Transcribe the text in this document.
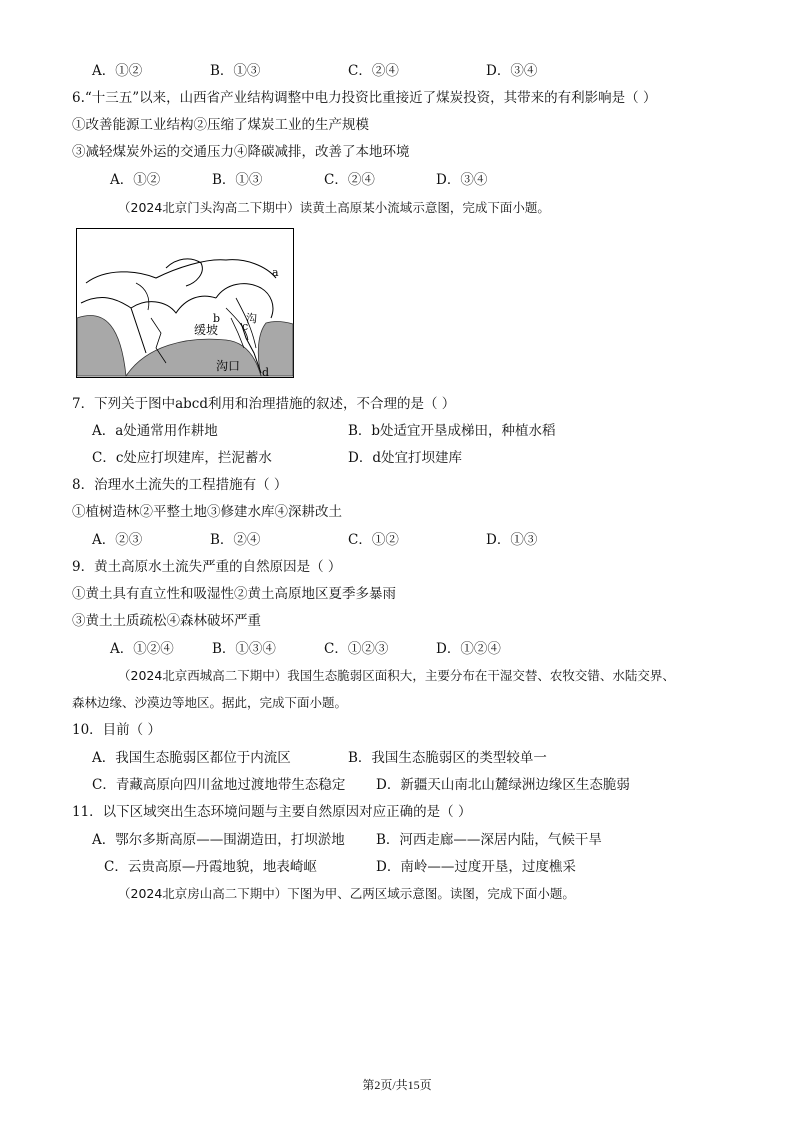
A．①②	B．①③	C．②④	D．③④
6.“十三五”以来，山西省产业结构调整中电力投资比重接近了煤炭投资，其带来的有利影响是（ ）
①改善能源工业结构②压缩了煤炭工业的生产规模
③减轻煤炭外运的交通压力④降碳减排，改善了本地环境
A．①②	B．①③	C．②④	D．③④
（2024北京门头沟高二下期中）读黄土高原某小流域示意图，完成下面小题。
a
b
c
d
沟
缓坡
沟口
7．下列关于图中abcd利用和治理措施的叙述，不合理的是（ ）
A．a处通常用作耕地	B．b处适宜开垦成梯田，种植水稻
C．c处应打坝建库，拦泥蓄水	D．d处宜打坝建库
8．治理水土流失的工程措施有（ ）
①植树造林②平整土地③修建水库④深耕改土
A．②③	B．②④	C．①②	D．①③
9．黄土高原水土流失严重的自然原因是（ ）
①黄土具有直立性和吸湿性②黄土高原地区夏季多暴雨
③黄土土质疏松④森林破坏严重
A．①②④	B．①③④	C．①②③	D．①②④
（2024北京西城高二下期中）我国生态脆弱区面积大，主要分布在干湿交替、农牧交错、水陆交界、
森林边缘、沙漠边等地区。据此，完成下面小题。
10．目前（ ）
A．我国生态脆弱区都位于内流区	B．我国生态脆弱区的类型较单一
C．青藏高原向四川盆地过渡地带生态稳定 D．新疆天山南北山麓绿洲边缘区生态脆弱
11．以下区域突出生态环境问题与主要自然原因对应正确的是（ ）
A．鄂尔多斯高原——围湖造田，打坝淤地 B．河西走廊——深居内陆，气候干旱
C．云贵高原—丹霞地貌，地表崎岖	D．南岭——过度开垦，过度樵采
（2024北京房山高二下期中）下图为甲、乙两区域示意图。读图，完成下面小题。
第2页/共15页
